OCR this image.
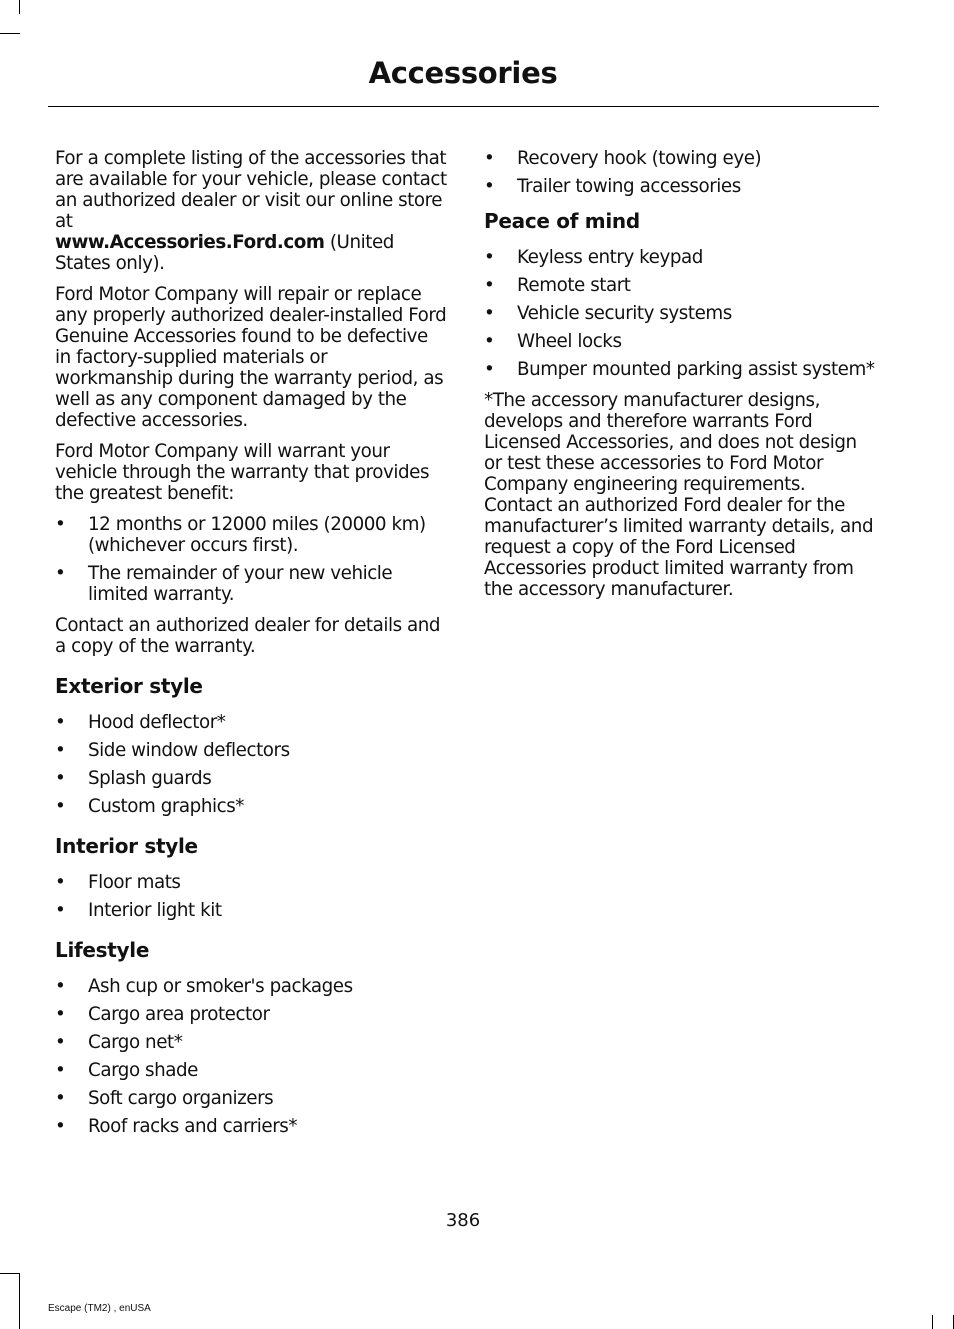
Accessories

For a complete listing of the accessories that are available for your vehicle, please contact an authorized dealer or visit our online store at
www.Accessories.Ford.com (United States only).

Ford Motor Company will repair or replace any properly authorized dealer-installed Ford Genuine Accessories found to be defective in factory-supplied materials or workmanship during the warranty period, as well as any component damaged by the defective accessories.

Ford Motor Company will warrant your vehicle through the warranty that provides the greatest benefit:

• 12 months or 12000 miles (20000 km) (whichever occurs first).
• The remainder of your new vehicle limited warranty.

Contact an authorized dealer for details and a copy of the warranty.

Exterior style
• Hood deflector*
• Side window deflectors
• Splash guards
• Custom graphics*
Interior style
• Floor mats
• Interior light kit
Lifestyle
• Ash cup or smoker's packages
• Cargo area protector
• Cargo net*
• Cargo shade
• Soft cargo organizers
• Roof racks and carriers*
• Recovery hook (towing eye)
• Trailer towing accessories
Peace of mind
• Keyless entry keypad
• Remote start
• Vehicle security systems
• Wheel locks
• Bumper mounted parking assist system*

*The accessory manufacturer designs, develops and therefore warrants Ford Licensed Accessories, and does not design or test these accessories to Ford Motor Company engineering requirements. Contact an authorized Ford dealer for the manufacturer’s limited warranty details, and request a copy of the Ford Licensed Accessories product limited warranty from the accessory manufacturer.

386
Escape (TM2) , enUSA
